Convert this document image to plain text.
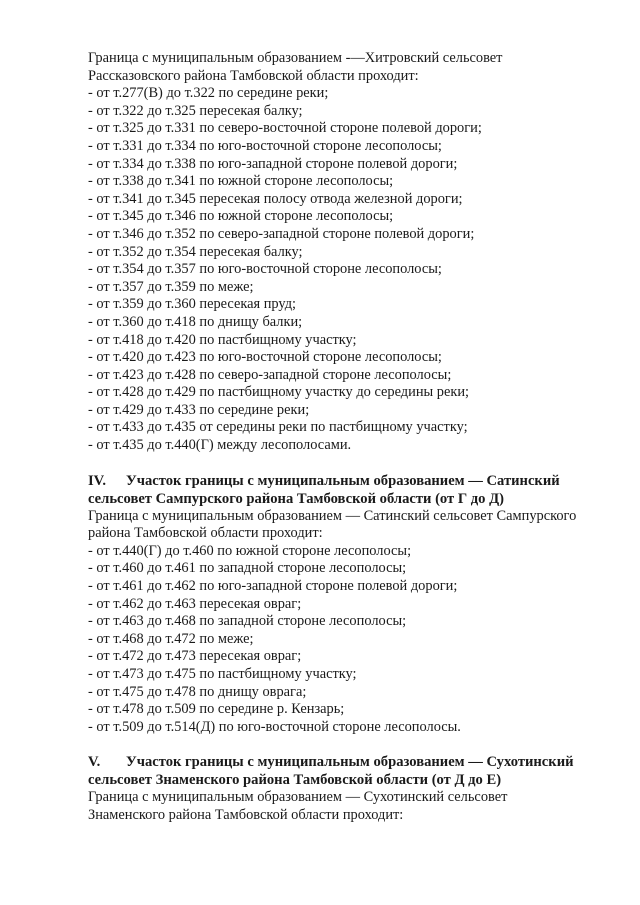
Граница с муниципальным образованием -—Хитровский сельсовет

Рассказовского района Тамбовской области проходит:

- от т.277(В) до т.322 по середине реки;

- от т.322 до т.325 пересекая балку;

- от т.325 до т.331 по северо-восточной стороне полевой дороги;

- от т.331 до т.334 по юго-восточной стороне лесополосы;

- от т.334 до т.338 по юго-западной стороне полевой дороги;

- от т.338 до т.341 по южной стороне лесополосы;

- от т.341 до т.345 пересекая полосу отвода железной дороги;

- от т.345 до т.346 по южной стороне лесополосы;

- от т.346 до т.352 по северо-западной стороне полевой дороги;

- от т.352 до т.354 пересекая балку;

- от т.354 до т.357 по юго-восточной стороне лесополосы;

- от т.357 до т.359 по меже;

- от т.359 до т.360 пересекая пруд;

- от т.360 до т.418 по днищу балки;

- от т.418 до т.420 по пастбищному участку;

- от т.420 до т.423 по юго-восточной стороне лесополосы;

- от т.423 до т.428 по северо-западной стороне лесополосы;

- от т.428 до т.429 по пастбищному участку до середины реки;

- от т.429 до т.433 по середине реки;

- от т.433 до т.435 от середины реки по пастбищному участку;

- от т.435 до т.440(Г) между лесополосами.

IV. Участок границы с муниципальным образованием — Сатинский

сельсовет Сампурского района Тамбовской области (от Г до Д)

Граница с муниципальным образованием — Сатинский сельсовет Сампурского

района Тамбовской области проходит:

- от т.440(Г) до т.460 по южной стороне лесополосы;

- от т.460 до т.461 по западной стороне лесополосы;

- от т.461 до т.462 по юго-западной стороне полевой дороги;

- от т.462 до т.463 пересекая овраг;

- от т.463 до т.468 по западной стороне лесополосы;

- от т.468 до т.472 по меже;

- от т.472 до т.473 пересекая овраг;

- от т.473 до т.475 по пастбищному участку;

- от т.475 до т.478 по днищу оврага;

- от т.478 до т.509 по середине р. Кензарь;

- от т.509 до т.514(Д) по юго-восточной стороне лесополосы.

V. Участок границы с муниципальным образованием — Сухотинский

сельсовет Знаменского района Тамбовской области (от Д до Е)

Граница с муниципальным образованием — Сухотинский сельсовет

Знаменского района Тамбовской области проходит:
